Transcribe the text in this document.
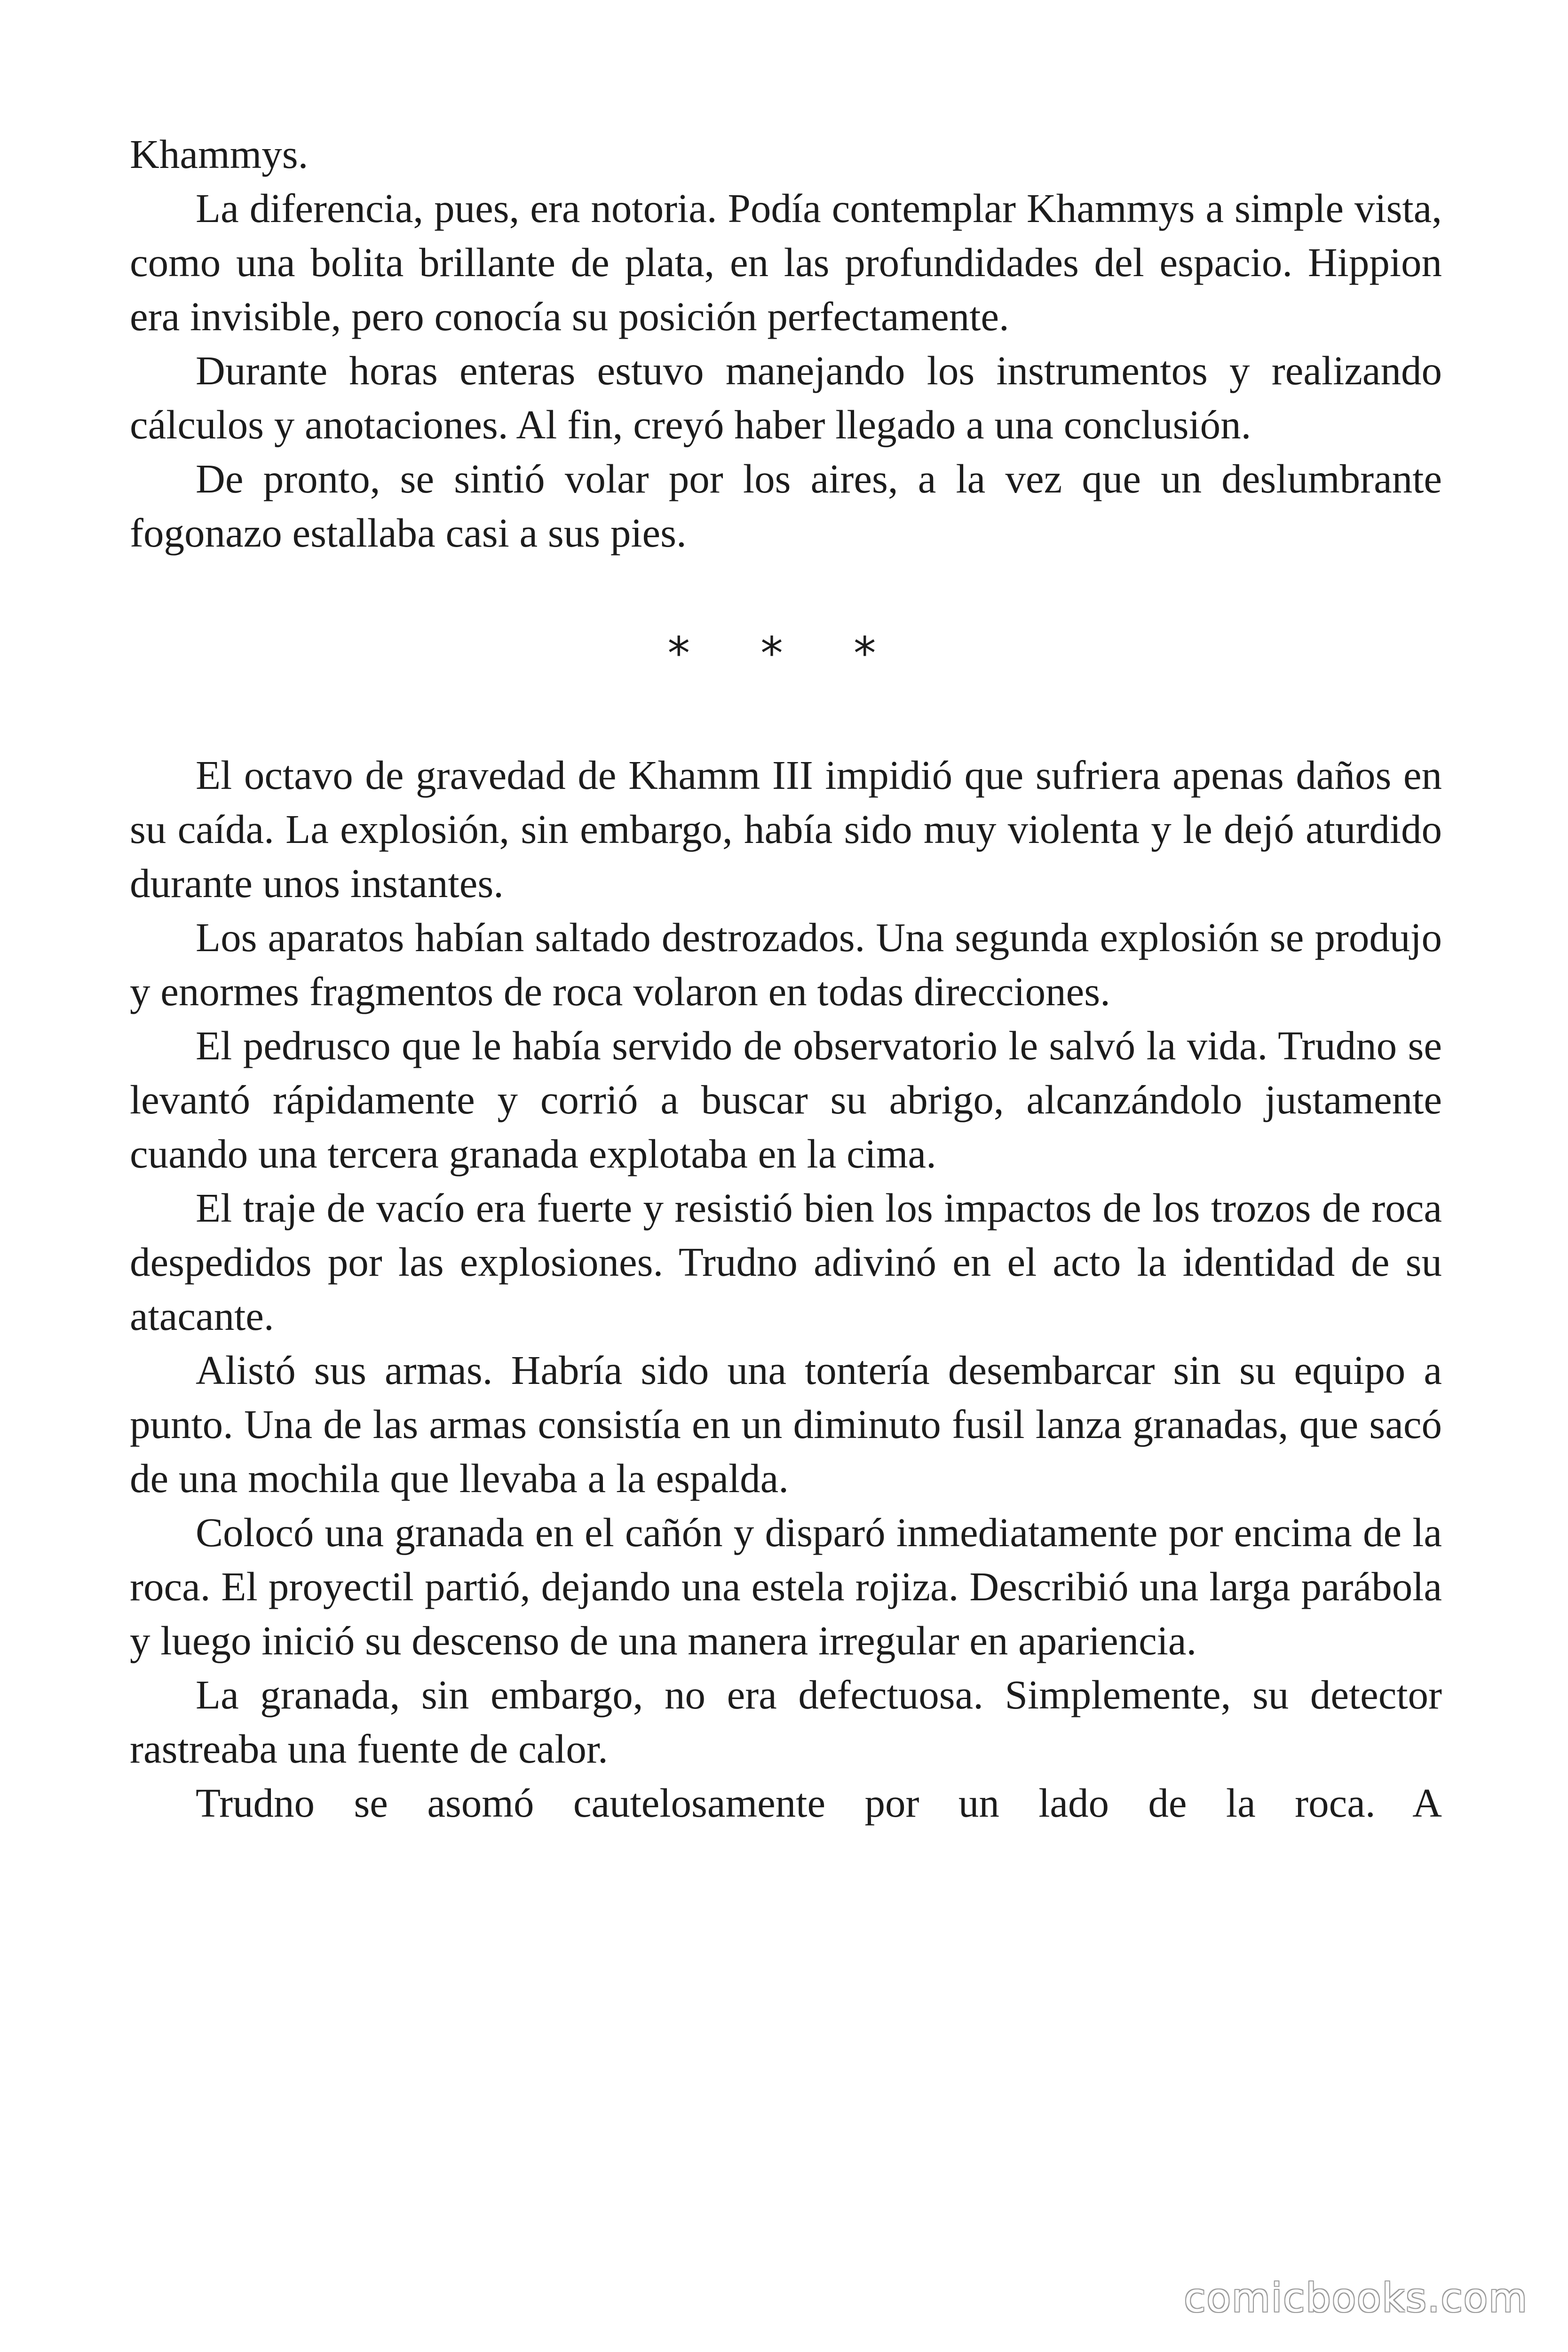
Khammys.

La diferencia, pues, era notoria. Podía contemplar Khammys a simple vista, como una bolita brillante de plata, en las profundidades del espacio. Hippion era invisible, pero conocía su posición perfectamente.

Durante horas enteras estuvo manejando los instrumentos y realizando cálculos y anotaciones. Al fin, creyó haber llegado a una conclusión.

De pronto, se sintió volar por los aires, a la vez que un deslumbrante fogonazo estallaba casi a sus pies.

* * *

El octavo de gravedad de Khamm III impidió que sufriera apenas daños en su caída. La explosión, sin embargo, había sido muy violenta y le dejó aturdido durante unos instantes.

Los aparatos habían saltado destrozados. Una segunda explosión se produjo y enormes fragmentos de roca volaron en todas direcciones.

El pedrusco que le había servido de observatorio le salvó la vida. Trudno se levantó rápidamente y corrió a buscar su abrigo, alcanzándolo justamente cuando una tercera granada explotaba en la cima.

El traje de vacío era fuerte y resistió bien los impactos de los trozos de roca despedidos por las explosiones. Trudno adivinó en el acto la identidad de su atacante.

Alistó sus armas. Habría sido una tontería desembarcar sin su equipo a punto. Una de las armas consistía en un diminuto fusil lanza granadas, que sacó de una mochila que llevaba a la espalda.

Colocó una granada en el cañón y disparó inmediatamente por encima de la roca. El proyectil partió, dejando una estela rojiza. Describió una larga parábola y luego inició su descenso de una manera irregular en apariencia.

La granada, sin embargo, no era defectuosa. Simplemente, su detector rastreaba una fuente de calor.

Trudno se asomó cautelosamente por un lado de la roca. A

comicbooks.com
